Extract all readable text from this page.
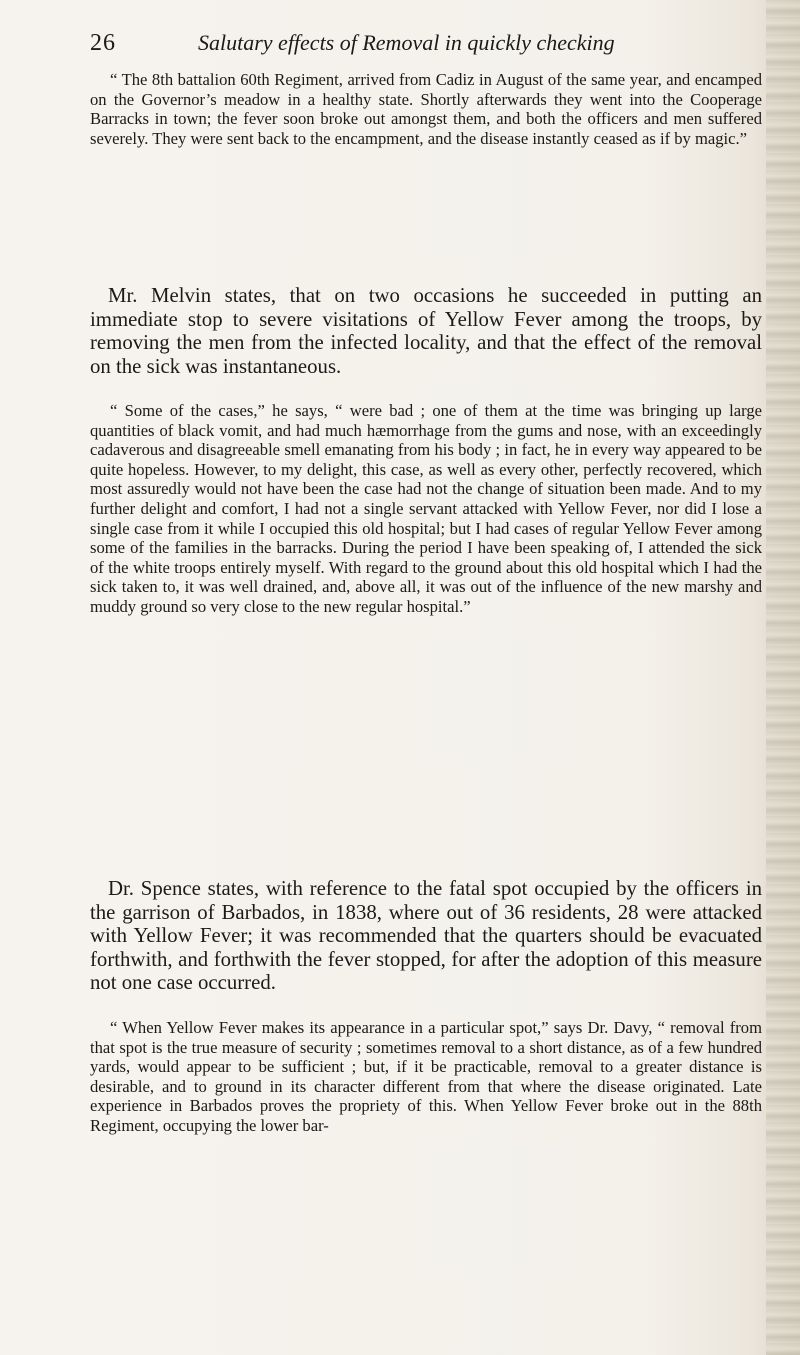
26	Salutary effects of Removal in quickly checking

“ The 8th battalion 60th Regiment, arrived from Cadiz in August of the same year, and encamped on the Governor’s meadow in a healthy state. Shortly afterwards they went into the Cooperage Barracks in town; the fever soon broke out amongst them, and both the officers and men suffered severely. They were sent back to the encampment, and the disease instantly ceased as if by magic.”

Mr. Melvin states, that on two occasions he succeeded in putting an immediate stop to severe visitations of Yellow Fever among the troops, by removing the men from the infected locality, and that the effect of the removal on the sick was instantaneous.

“ Some of the cases,” he says, “ were bad ; one of them at the time was bringing up large quantities of black vomit, and had much hæmorrhage from the gums and nose, with an exceedingly cadaverous and disagreeable smell emanating from his body ; in fact, he in every way appeared to be quite hopeless. However, to my delight, this case, as well as every other, perfectly recovered, which most assuredly would not have been the case had not the change of situation been made. And to my further delight and comfort, I had not a single servant attacked with Yellow Fever, nor did I lose a single case from it while I occupied this old hospital; but I had cases of regular Yellow Fever among some of the families in the barracks. During the period I have been speaking of, I attended the sick of the white troops entirely myself. With regard to the ground about this old hospital which I had the sick taken to, it was well drained, and, above all, it was out of the influence of the new marshy and muddy ground so very close to the new regular hospital.”

Dr. Spence states, with reference to the fatal spot occupied by the officers in the garrison of Barbados, in 1838, where out of 36 residents, 28 were attacked with Yellow Fever; it was recommended that the quarters should be evacuated forthwith, and forthwith the fever stopped, for after the adoption of this measure not one case occurred.

“ When Yellow Fever makes its appearance in a particular spot,” says Dr. Davy, “ removal from that spot is the true measure of security ; sometimes removal to a short distance, as of a few hundred yards, would appear to be sufficient ; but, if it be practicable, removal to a greater distance is desirable, and to ground in its character different from that where the disease originated. Late experience in Barbados proves the propriety of this. When Yellow Fever broke out in the 88th Regiment, occupying the lower bar-
